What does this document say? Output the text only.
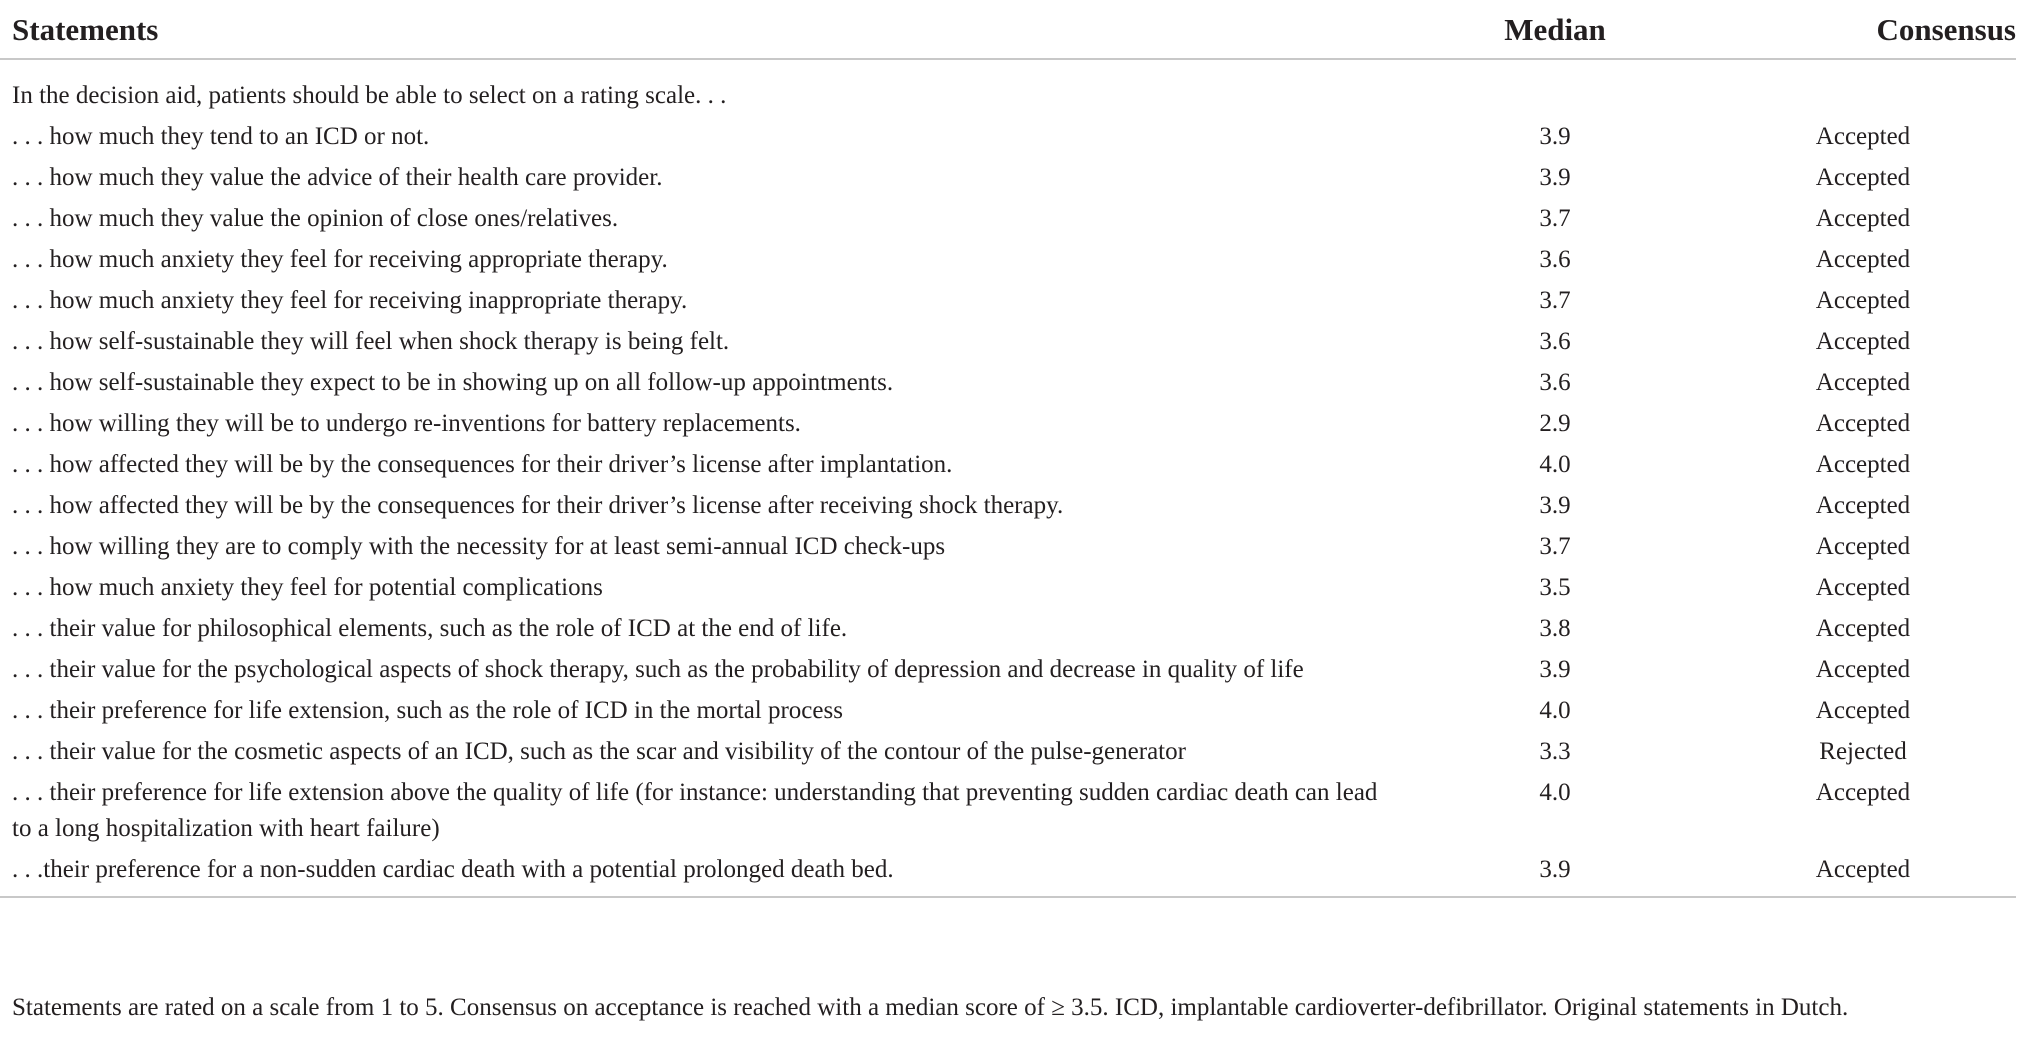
Statements	Median	Consensus
In the decision aid, patients should be able to select on a rating scale. . .		
. . . how much they tend to an ICD or not.	3.9	Accepted
. . . how much they value the advice of their health care provider.	3.9	Accepted
. . . how much they value the opinion of close ones/relatives.	3.7	Accepted
. . . how much anxiety they feel for receiving appropriate therapy.	3.6	Accepted
. . . how much anxiety they feel for receiving inappropriate therapy.	3.7	Accepted
. . . how self-sustainable they will feel when shock therapy is being felt.	3.6	Accepted
. . . how self-sustainable they expect to be in showing up on all follow-up appointments.	3.6	Accepted
. . . how willing they will be to undergo re-inventions for battery replacements.	2.9	Accepted
. . . how affected they will be by the consequences for their driver’s license after implantation.	4.0	Accepted
. . . how affected they will be by the consequences for their driver’s license after receiving shock therapy.	3.9	Accepted
. . . how willing they are to comply with the necessity for at least semi-annual ICD check-ups	3.7	Accepted
. . . how much anxiety they feel for potential complications	3.5	Accepted
. . . their value for philosophical elements, such as the role of ICD at the end of life.	3.8	Accepted
. . . their value for the psychological aspects of shock therapy, such as the probability of depression and decrease in quality of life	3.9	Accepted
. . . their preference for life extension, such as the role of ICD in the mortal process	4.0	Accepted
. . . their value for the cosmetic aspects of an ICD, such as the scar and visibility of the contour of the pulse-generator	3.3	Rejected
. . . their preference for life extension above the quality of life (for instance: understanding that preventing sudden cardiac death can lead to a long hospitalization with heart failure)	4.0	Accepted
. . .their preference for a non-sudden cardiac death with a potential prolonged death bed.	3.9	Accepted
Statements are rated on a scale from 1 to 5. Consensus on acceptance is reached with a median score of ≥ 3.5. ICD, implantable cardioverter-defibrillator. Original statements in Dutch.
